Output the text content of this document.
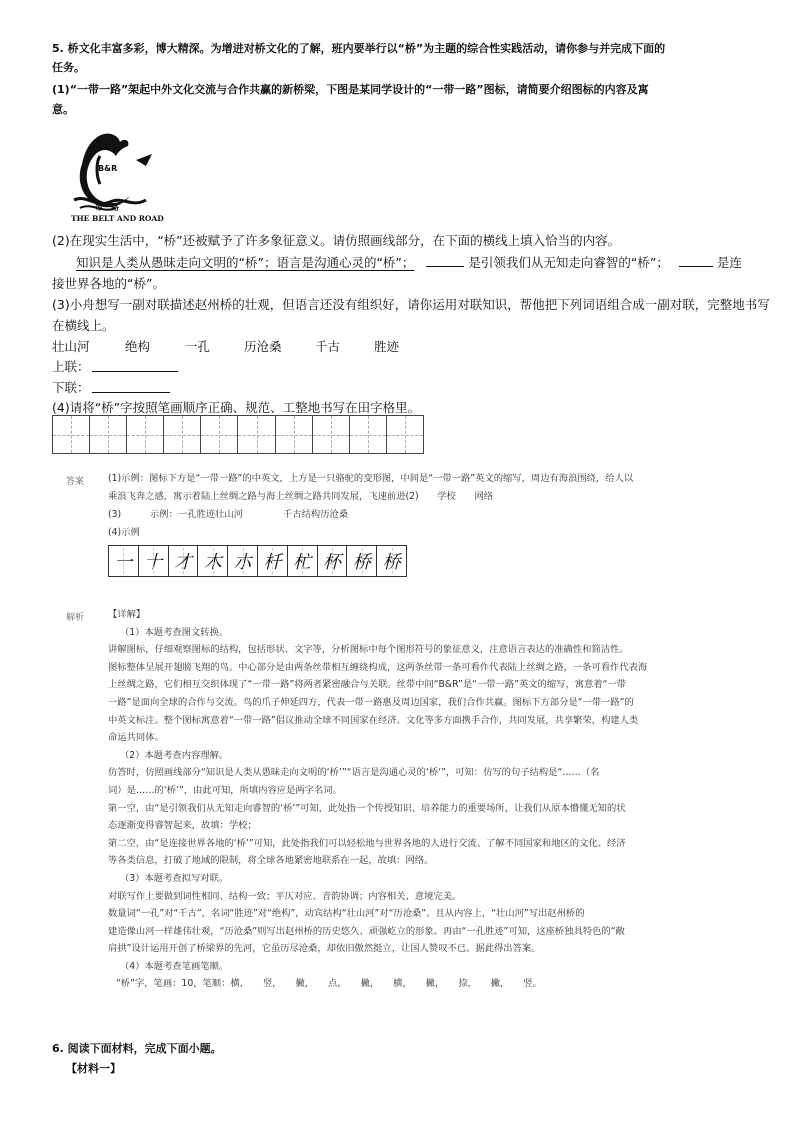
5. 桥文化丰富多彩，博大精深。为增进对桥文化的了解，班内要举行以“桥”为主题的综合性实践活动，请你参与并完成下面的
任务。
(1)“一带一路”架起中外文化交流与合作共赢的新桥梁，下图是某同学设计的“一带一路”图标，请简要介绍图标的内容及寓
意。
B&R
一带一路
THE BELT AND ROAD
(2)在现实生活中，“桥”还被赋予了许多象征意义。请仿照画线部分，在下面的横线上填入恰当的内容。
知识是人类从愚昧走向文明的“桥”；语言是沟通心灵的“桥”；	是引领我们从无知走向睿智的“桥”；	是连
接世界各地的“桥”。
(3)小舟想写一副对联描述赵州桥的壮观，但语言还没有组织好，请你运用对联知识，帮他把下列词语组合成一副对联，完整地书写
在横线上。
壮山河	绝构	一孔	历沧桑	千古	胜迹
上联：
下联：
(4)请将“桥”字按照笔画顺序正确、规范、工整地书写在田字格里。
答案	(1)示例：图标下方是“一带一路”的中英文，上方是一只骆驼的变形图，中间是“一带一路”英文的缩写，周边有海浪围绕，给人以
乘浪飞奔之感，寓示着陆上丝绸之路与海上丝绸之路共同发展，飞速前进(2)　　学校　　网络
(3)	示例：一孔胜迹壮山河	千古结构历沧桑
(4)示例
一 十 才 木 朩 杄 杧 杯 桥 桥
解析	【详解】
（1）本题考查图文转换。
讲解图标，仔细观察图标的结构，包括形状、文字等，分析图标中每个图形符号的象征意义，注意语言表达的准确性和简洁性。
图标整体呈展开翅膀飞翔的鸟。中心部分是由两条丝带相互缠绕构成，这两条丝带一条可看作代表陆上丝绸之路，一条可看作代表海
上丝绸之路，它们相互交织体现了“一带一路”将两者紧密融合与关联。丝带中间“B&R”是“一带一路”英文的缩写，寓意着“一带
一路”是面向全球的合作与交流。鸟的爪子伸延四方，代表一带一路惠及周边国家，我们合作共赢。图标下方部分是“一带一路”的
中英文标注。整个图标寓意着“一带一路”倡议推动全球不同国家在经济、文化等多方面携手合作，共同发展，共享繁荣，构建人类
命运共同体。
（2）本题考查内容理解。
仿答时，仿照画线部分“知识是人类从愚昧走向文明的‘桥’”“语言是沟通心灵的‘桥’”，可知：仿写的句子结构是“……（名
词）是……的‘桥’”，由此可知，所填内容应是两字名词。
第一空，由“是引领我们从无知走向睿智的‘桥’”可知，此处指一个传授知识、培养能力的重要场所，让我们从原本懵懂无知的状
态逐渐变得睿智起来，故填：学校；
第二空，由“是连接世界各地的‘桥’”可知，此处指我们可以轻松地与世界各地的人进行交流、了解不同国家和地区的文化、经济
等各类信息，打破了地域的限制，将全球各地紧密地联系在一起，故填：网络。
（3）本题考查拟写对联。
对联写作上要做到词性相同、结构一致；平仄对应、音韵协调；内容相关、意境完美。
数量词“一孔”对“千古”，名词“胜迹”对“绝构”，动宾结构“壮山河”对“历沧桑”。且从内容上，“壮山河”写出赵州桥的
建造像山河一样雄伟壮观，“历沧桑”则写出赵州桥的历史悠久、顽强屹立的形象。再由“一孔胜迹”可知，这座桥独具特色的“敞
肩拱”设计运用开创了桥梁界的先河，它虽历尽沧桑，却依旧傲然挺立，让国人赞叹不已。据此得出答案。
（4）本题考查笔画笔顺。
“桥”字，笔画：10，笔顺：横，　　竖，　　撇，　　点，　　撇，　　横，　　撇，　　捺，　　撇，　　竖。
6. 阅读下面材料，完成下面小题。
【材料一】
